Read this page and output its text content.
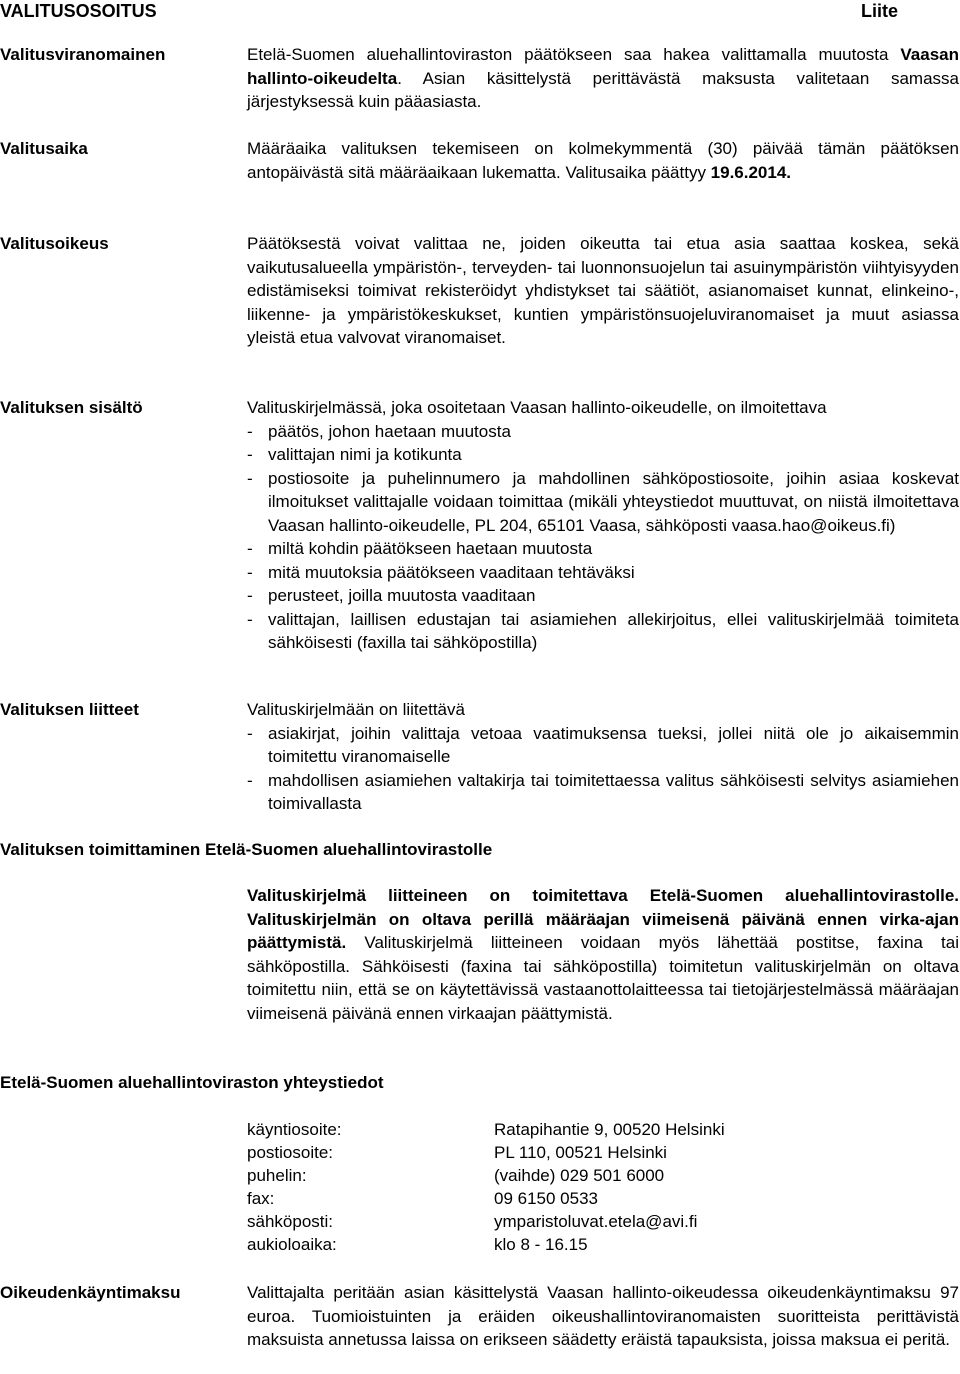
VALITUSOSOITUS	Liite
Valitusviranomainen	Etelä-Suomen aluehallintoviraston päätökseen saa hakea valittamalla muutosta Vaasan hallinto-oikeudelta. Asian käsittelystä perittävästä maksusta valitetaan samassa järjestyksessä kuin pääasiasta.
Valitusaika	Määräaika valituksen tekemiseen on kolmekymmentä (30) päivää tämän päätöksen antopäivästä sitä määräaikaan lukematta. Valitusaika päättyy 19.6.2014.
Valitusoikeus	Päätöksestä voivat valittaa ne, joiden oikeutta tai etua asia saattaa koskea, sekä vaikutusalueella ympäristön-, terveyden- tai luonnonsuojelun tai asuinympäristön viihtyisyyden edistämiseksi toimivat rekisteröidyt yhdistykset tai säätiöt, asianomaiset kunnat, elinkeino-, liikenne- ja ympäristökeskukset, kuntien ympäristönsuojeluviranomaiset ja muut asiassa yleistä etua valvovat viranomaiset.
Valituksen sisältö	Valituskirjelmässä, joka osoitetaan Vaasan hallinto-oikeudelle, on ilmoitettava
- päätös, johon haetaan muutosta
- valittajan nimi ja kotikunta
- postiosoite ja puhelinnumero ja mahdollinen sähköpostiosoite, joihin asiaa koskevat ilmoitukset valittajalle voidaan toimittaa (mikäli yhteystiedot muuttuvat, on niistä ilmoitettava Vaasan hallinto-oikeudelle, PL 204, 65101 Vaasa, sähköposti vaasa.hao@oikeus.fi)
- miltä kohdin päätökseen haetaan muutosta
- mitä muutoksia päätökseen vaaditaan tehtäväksi
- perusteet, joilla muutosta vaaditaan
- valittajan, laillisen edustajan tai asiamiehen allekirjoitus, ellei valituskirjelmää toimiteta sähköisesti (faxilla tai sähköpostilla)
Valituksen liitteet	Valituskirjelmään on liitettävä
- asiakirjat, joihin valittaja vetoaa vaatimuksensa tueksi, jollei niitä ole jo aikaisemmin toimitettu viranomaiselle
- mahdollisen asiamiehen valtakirja tai toimitettaessa valitus sähköisesti selvitys asiamiehen toimivallasta
Valituksen toimittaminen Etelä-Suomen aluehallintovirastolle
Valituskirjelmä liitteineen on toimitettava Etelä-Suomen aluehallintovirastolle. Valituskirjelmän on oltava perillä määräajan viimeisenä päivänä ennen virka-ajan päättymistä. Valituskirjelmä liitteineen voidaan myös lähettää postitse, faxina tai sähköpostilla. Sähköisesti (faxina tai sähköpostilla) toimitetun valituskirjelmän on oltava toimitettu niin, että se on käytettävissä vastaanottolaitteessa tai tietojärjestelmässä määräajan viimeisenä päivänä ennen virkaajan päättymistä.
Etelä-Suomen aluehallintoviraston yhteystiedot
käyntiosoite:	Ratapihantie 9, 00520 Helsinki
postiosoite:	PL 110, 00521 Helsinki
puhelin:	(vaihde) 029 501 6000
fax:	09 6150 0533
sähköposti:	ymparistoluvat.etela@avi.fi
aukioloaika:	klo 8 - 16.15
Oikeudenkäyntimaksu	Valittajalta peritään asian käsittelystä Vaasan hallinto-oikeudessa oikeudenkäyntimaksu 97 euroa. Tuomioistuinten ja eräiden oikeushallintoviranomaisten suoritteista perittävistä maksuista annetussa laissa on erikseen säädetty eräistä tapauksista, joissa maksua ei peritä.
